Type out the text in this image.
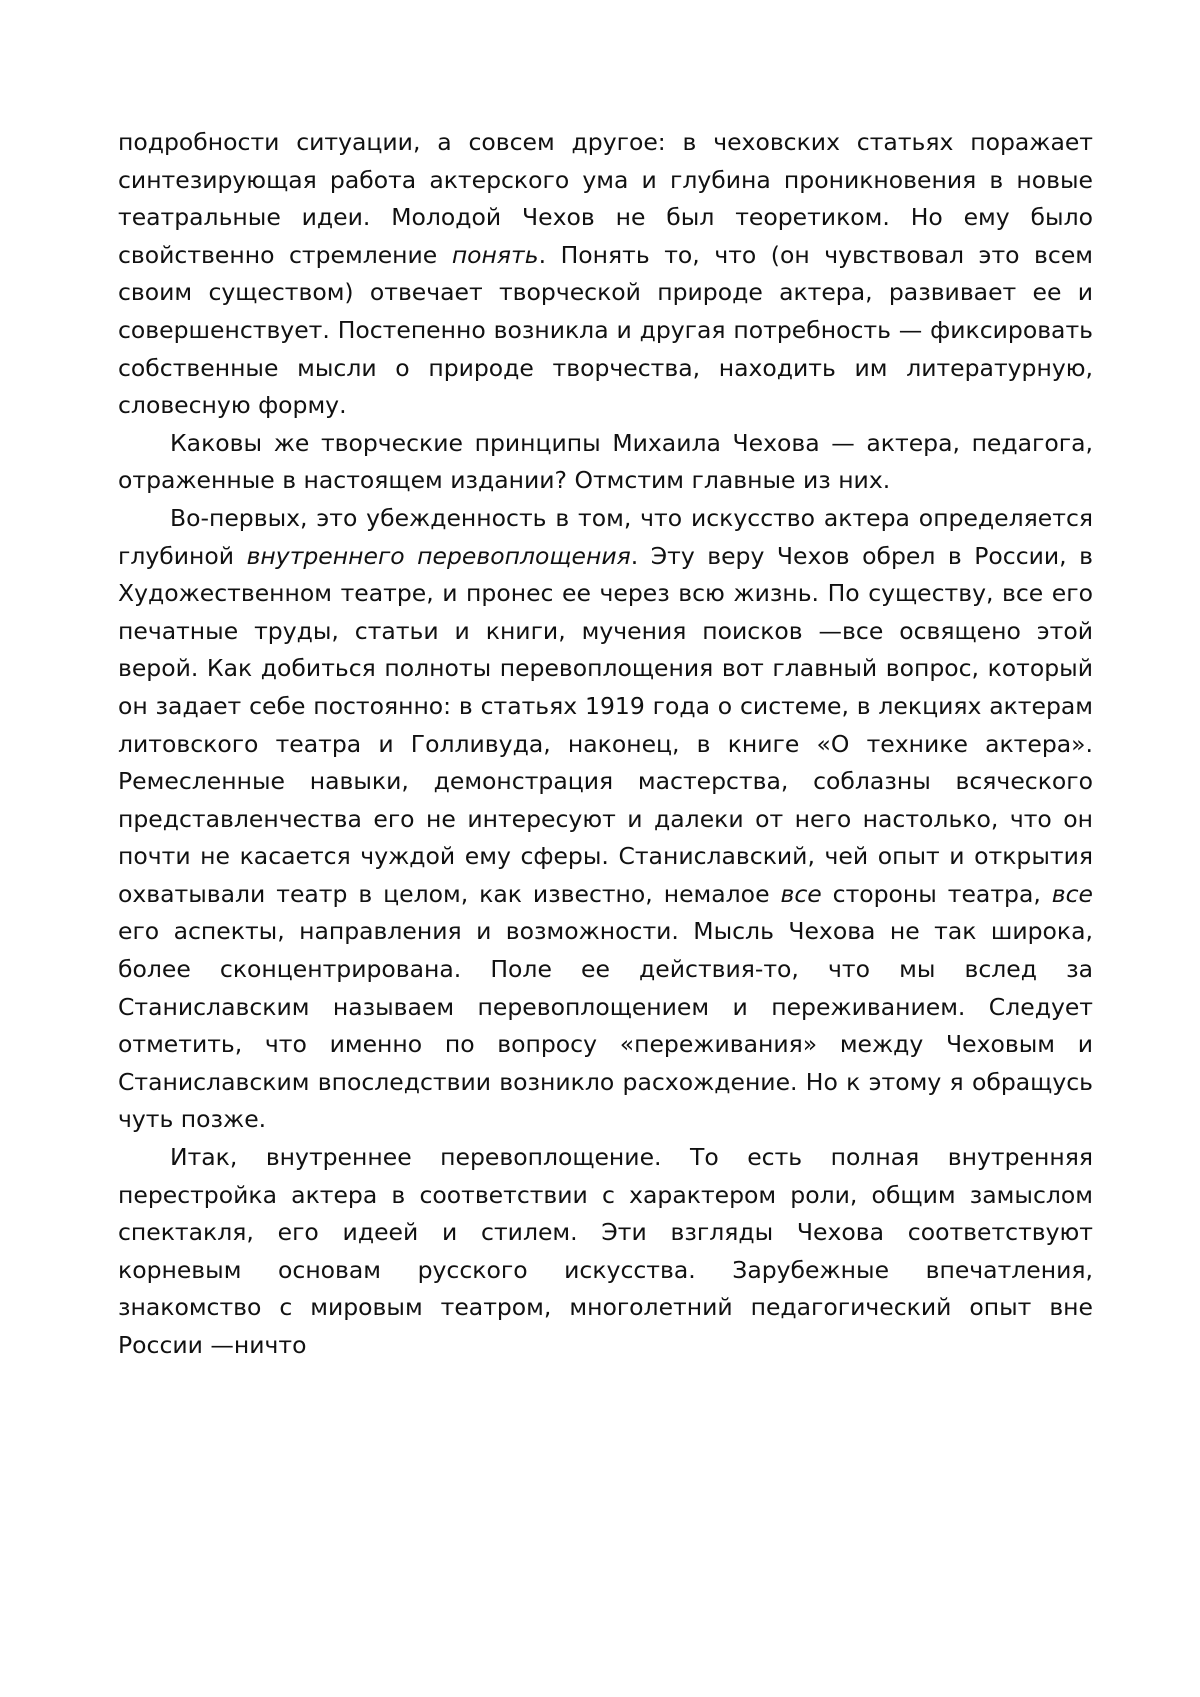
подробности ситуации, а совсем другое: в чеховских статьях поражает синтезирующая работа актерского ума и глубина проникновения в новые театральные идеи. Молодой Чехов не был теоретиком. Но ему было свойственно стремление понять. Понять то, что (он чувствовал это всем своим существом) отвечает творческой природе актера, развивает ее и совершенствует. Постепенно возникла и другая потребность — фиксировать собственные мысли о природе творчества, находить им литературную, словесную форму.

Каковы же творческие принципы Михаила Чехова — актера, педагога, отраженные в настоящем издании? Отмстим главные из них.

Во-первых, это убежденность в том, что искусство актера определяется глубиной внутреннего перевоплощения. Эту веру Чехов обрел в России, в Художественном театре, и пронес ее через всю жизнь. По существу, все его печатные труды, статьи и книги, мучения поисков —все освящено этой верой. Как добиться полноты перевоплощения вот главный вопрос, который он задает себе постоянно: в статьях 1919 года о системе, в лекциях актерам литовского театра и Голливуда, наконец, в книге «О технике актера». Ремесленные навыки, демонстрация мастерства, соблазны всяческого представленчества его не интересуют и далеки от него настолько, что он почти не касается чуждой ему сферы. Станиславский, чей опыт и открытия охватывали театр в целом, как известно, немалое все стороны театра, все его аспекты, направления и возможности. Мысль Чехова не так широка, более сконцентрирована. Поле ее действия-то, что мы вслед за Станиславским называем перевоплощением и переживанием. Следует отметить, что именно по вопросу «переживания» между Чеховым и Станиславским впоследствии возникло расхождение. Но к этому я обращусь чуть позже.

Итак, внутреннее перевоплощение. То есть полная внутренняя перестройка актера в соответствии с характером роли, общим замыслом спектакля, его идеей и стилем. Эти взгляды Чехова соответствуют корневым основам русского искусства. Зарубежные впечатления, знакомство с мировым театром, многолетний педагогический опыт вне России —ничто
